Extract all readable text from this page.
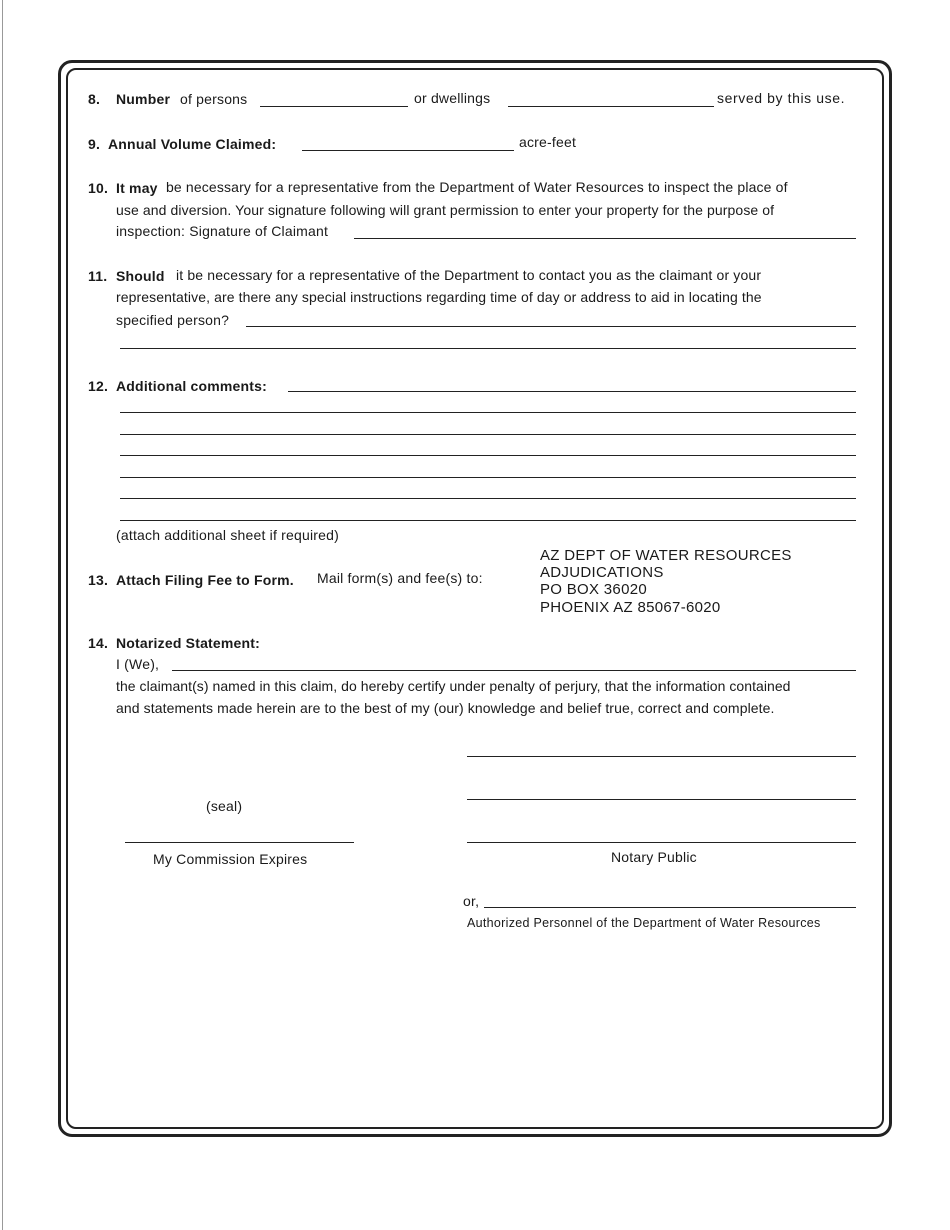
8. Number of persons	or dwellings	served by this use.
9. Annual Volume Claimed:	acre-feet
10. It may be necessary for a representative from the Department of Water Resources to inspect the place of
use and diversion. Your signature following will grant permission to enter your property for the purpose of
inspection: Signature of Claimant
11. Should it be necessary for a representative of the Department to contact you as the claimant or your
representative, are there any special instructions regarding time of day or address to aid in locating the
specified person?
12. Additional comments:
(attach additional sheet if required)
13. Attach Filing Fee to Form. Mail form(s) and fee(s) to:
AZ DEPT OF WATER RESOURCES
ADJUDICATIONS
PO BOX 36020
PHOENIX AZ 85067-6020
14. Notarized Statement:
I (We),
the claimant(s) named in this claim, do hereby certify under penalty of perjury, that the information contained
and statements made herein are to the best of my (our) knowledge and belief true, correct and complete.
(seal)
My Commission Expires	Notary Public
or,
Authorized Personnel of the Department of Water Resources
